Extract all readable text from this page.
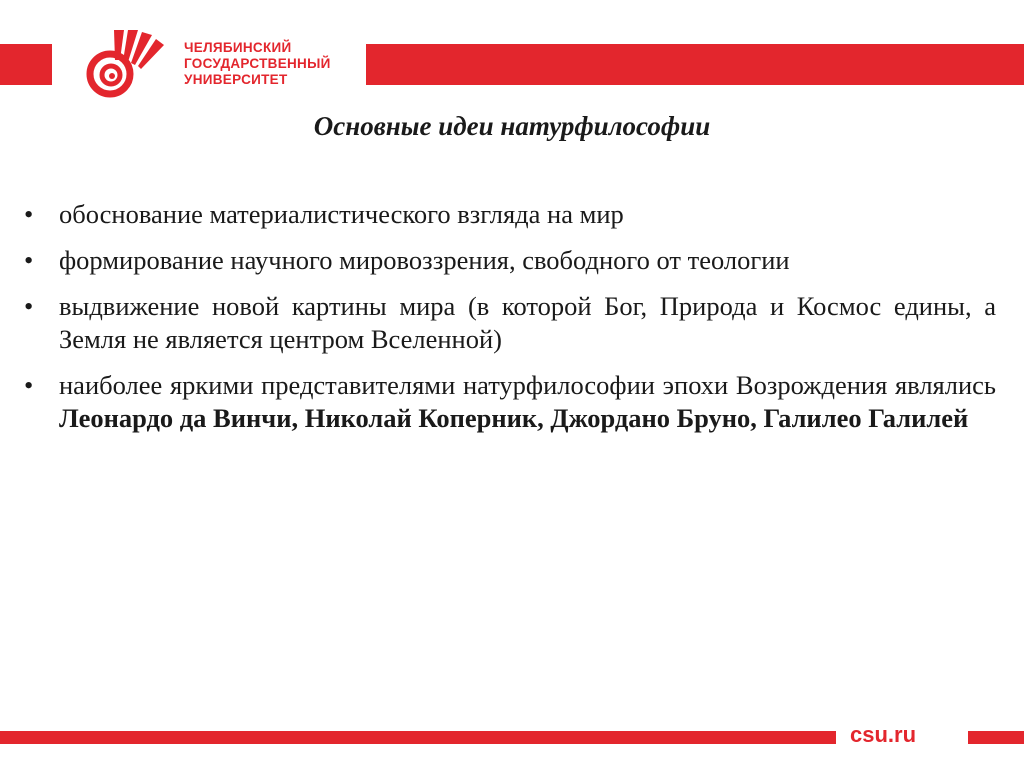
ЧЕЛЯБИНСКИЙ
ГОСУДАРСТВЕННЫЙ
УНИВЕРСИТЕТ
Основные идеи натурфилософии
• обоснование материалистического взгляда на мир
• формирование научного мировоззрения, свободного от теологии
• выдвижение новой картины мира (в которой Бог, Природа и Космос едины, а Земля не является центром Вселенной)
• наиболее яркими представителями натурфилософии эпохи Возрождения являлись Леонардо да Винчи, Николай Коперник, Джордано Бруно, Галилео Галилей
csu.ru
